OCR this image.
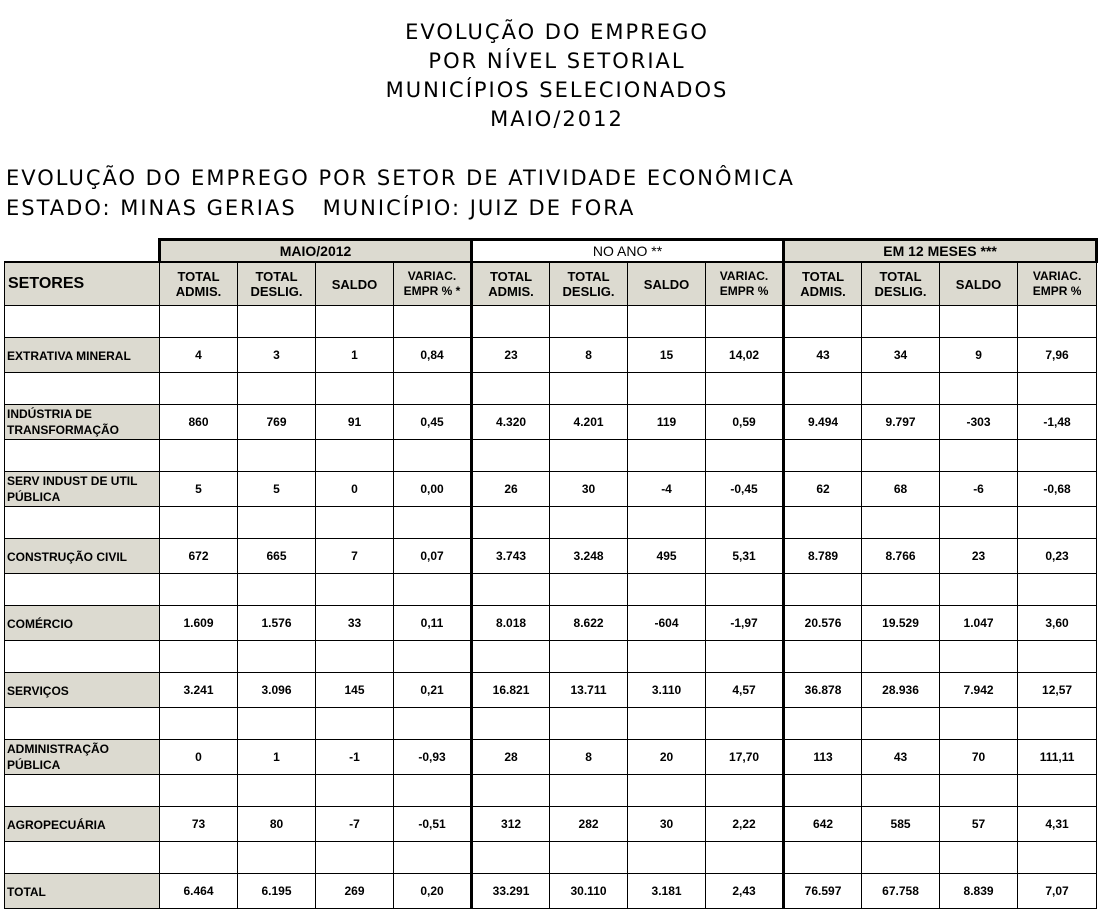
EVOLUÇÃO DO EMPREGO
POR NÍVEL SETORIAL
MUNICÍPIOS SELECIONADOS
MAIO/2012
EVOLUÇÃO DO EMPREGO POR SETOR DE ATIVIDADE ECONÔMICA
ESTADO: MINAS GERIAS   MUNICÍPIO: JUIZ DE FORA
	MAIO/2012				NO ANO **				EM 12 MESES ***			
SETORES	TOTAL ADMIS.	TOTAL DESLIG.	SALDO	VARIAC. EMPR % *	TOTAL ADMIS.	TOTAL DESLIG.	SALDO	VARIAC. EMPR %	TOTAL ADMIS.	TOTAL DESLIG.	SALDO	VARIAC. EMPR %

EXTRATIVA MINERAL	4	3	1	0,84	23	8	15	14,02	43	34	9	7,96

INDÚSTRIA DE TRANSFORMAÇÃO	860	769	91	0,45	4.320	4.201	119	0,59	9.494	9.797	-303	-1,48

SERV INDUST DE UTIL PÚBLICA	5	5	0	0,00	26	30	-4	-0,45	62	68	-6	-0,68

CONSTRUÇÃO CIVIL	672	665	7	0,07	3.743	3.248	495	5,31	8.789	8.766	23	0,23

COMÉRCIO	1.609	1.576	33	0,11	8.018	8.622	-604	-1,97	20.576	19.529	1.047	3,60

SERVIÇOS	3.241	3.096	145	0,21	16.821	13.711	3.110	4,57	36.878	28.936	7.942	12,57

ADMINISTRAÇÃO PÚBLICA	0	1	-1	-0,93	28	8	20	17,70	113	43	70	111,11

AGROPECUÁRIA	73	80	-7	-0,51	312	282	30	2,22	642	585	57	4,31

TOTAL	6.464	6.195	269	0,20	33.291	30.110	3.181	2,43	76.597	67.758	8.839	7,07
